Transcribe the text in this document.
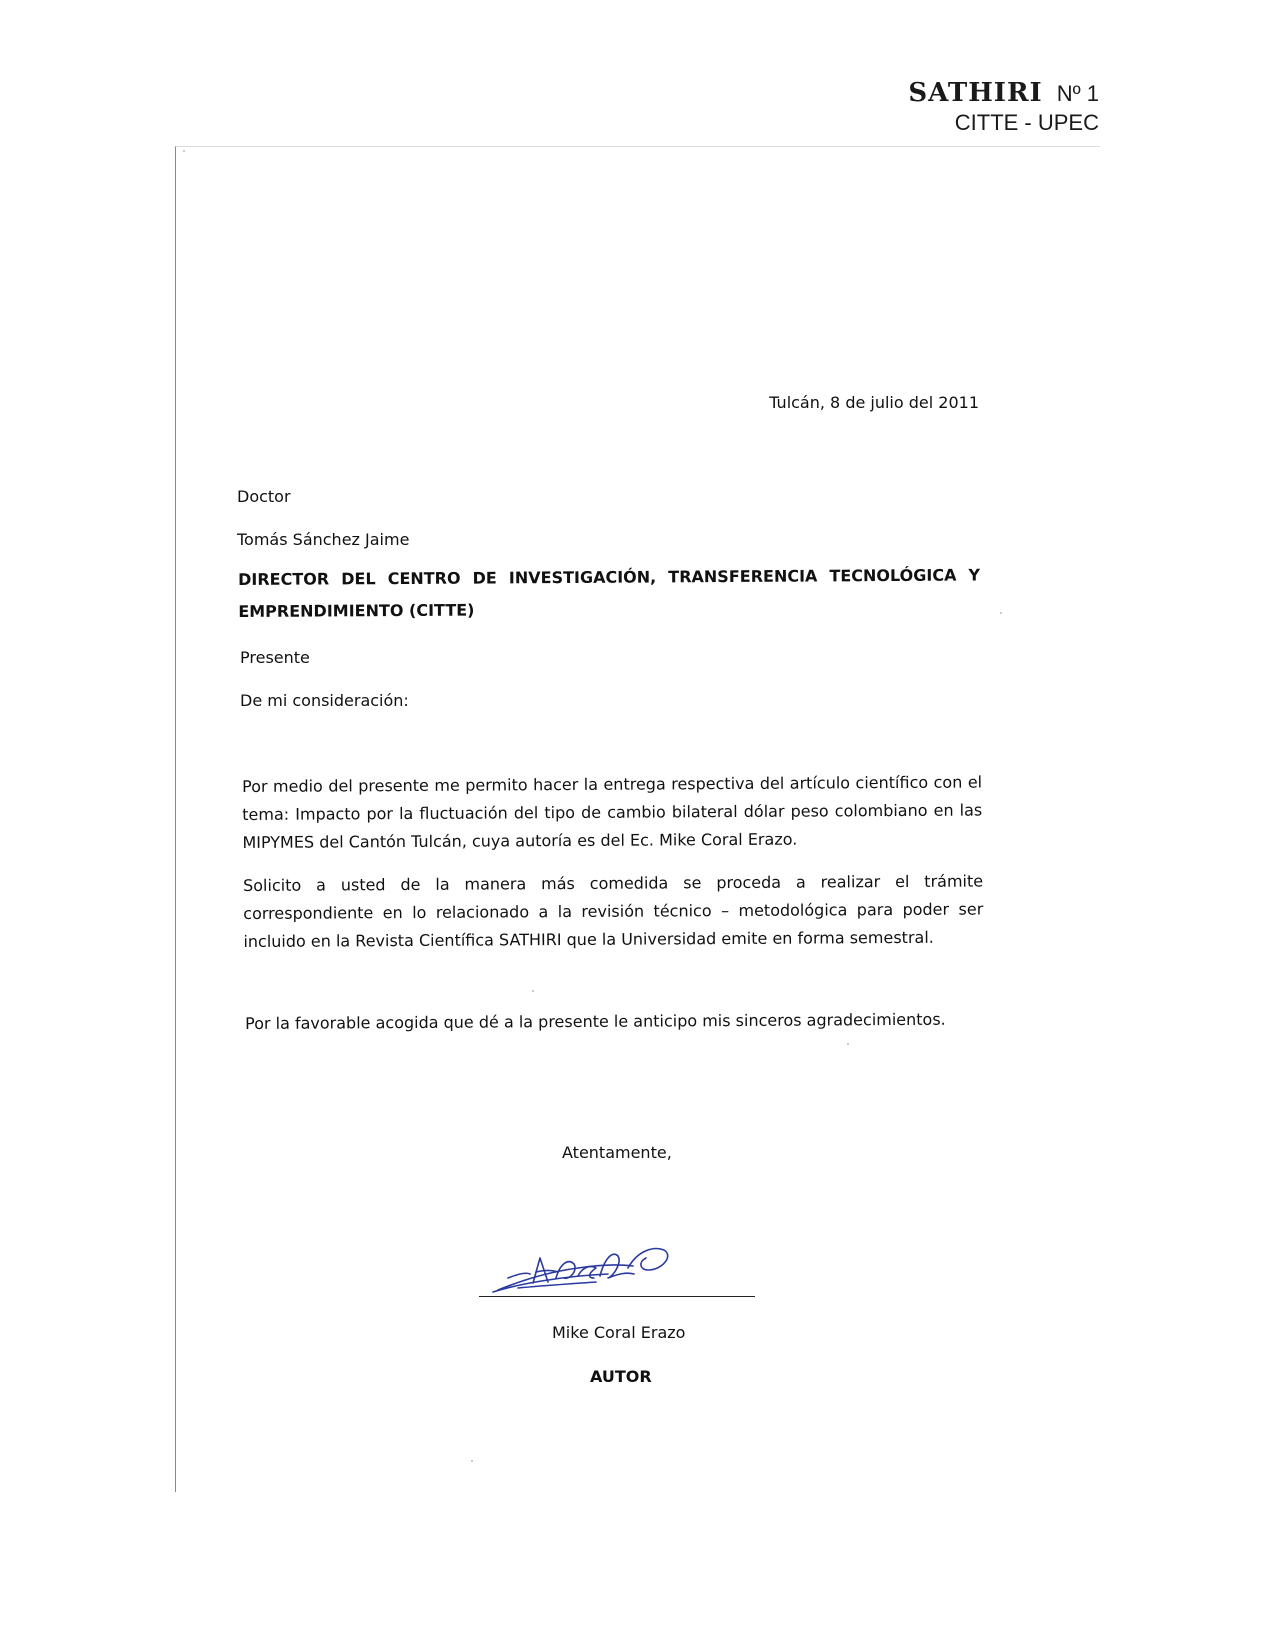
SATHIRI Nº 1
CITTE - UPEC
Tulcán, 8 de julio del 2011
Doctor
Tomás Sánchez Jaime
DIRECTOR DEL CENTRO DE INVESTIGACIÓN, TRANSFERENCIA TECNOLÓGICA Y EMPRENDIMIENTO (CITTE)
Presente
De mi consideración:
Por medio del presente me permito hacer la entrega respectiva del artículo científico con el tema: Impacto por la fluctuación del tipo de cambio bilateral dólar peso colombiano en las MIPYMES del Cantón Tulcán, cuya autoría es del Ec. Mike Coral Erazo.
Solicito a usted de la manera más comedida se proceda a realizar el trámite correspondiente en lo relacionado a la revisión técnico – metodológica para poder ser incluido en la Revista Científica SATHIRI que la Universidad emite en forma semestral.
Por la favorable acogida que dé a la presente le anticipo mis sinceros agradecimientos.
Atentamente,
Mike Coral Erazo
AUTOR
